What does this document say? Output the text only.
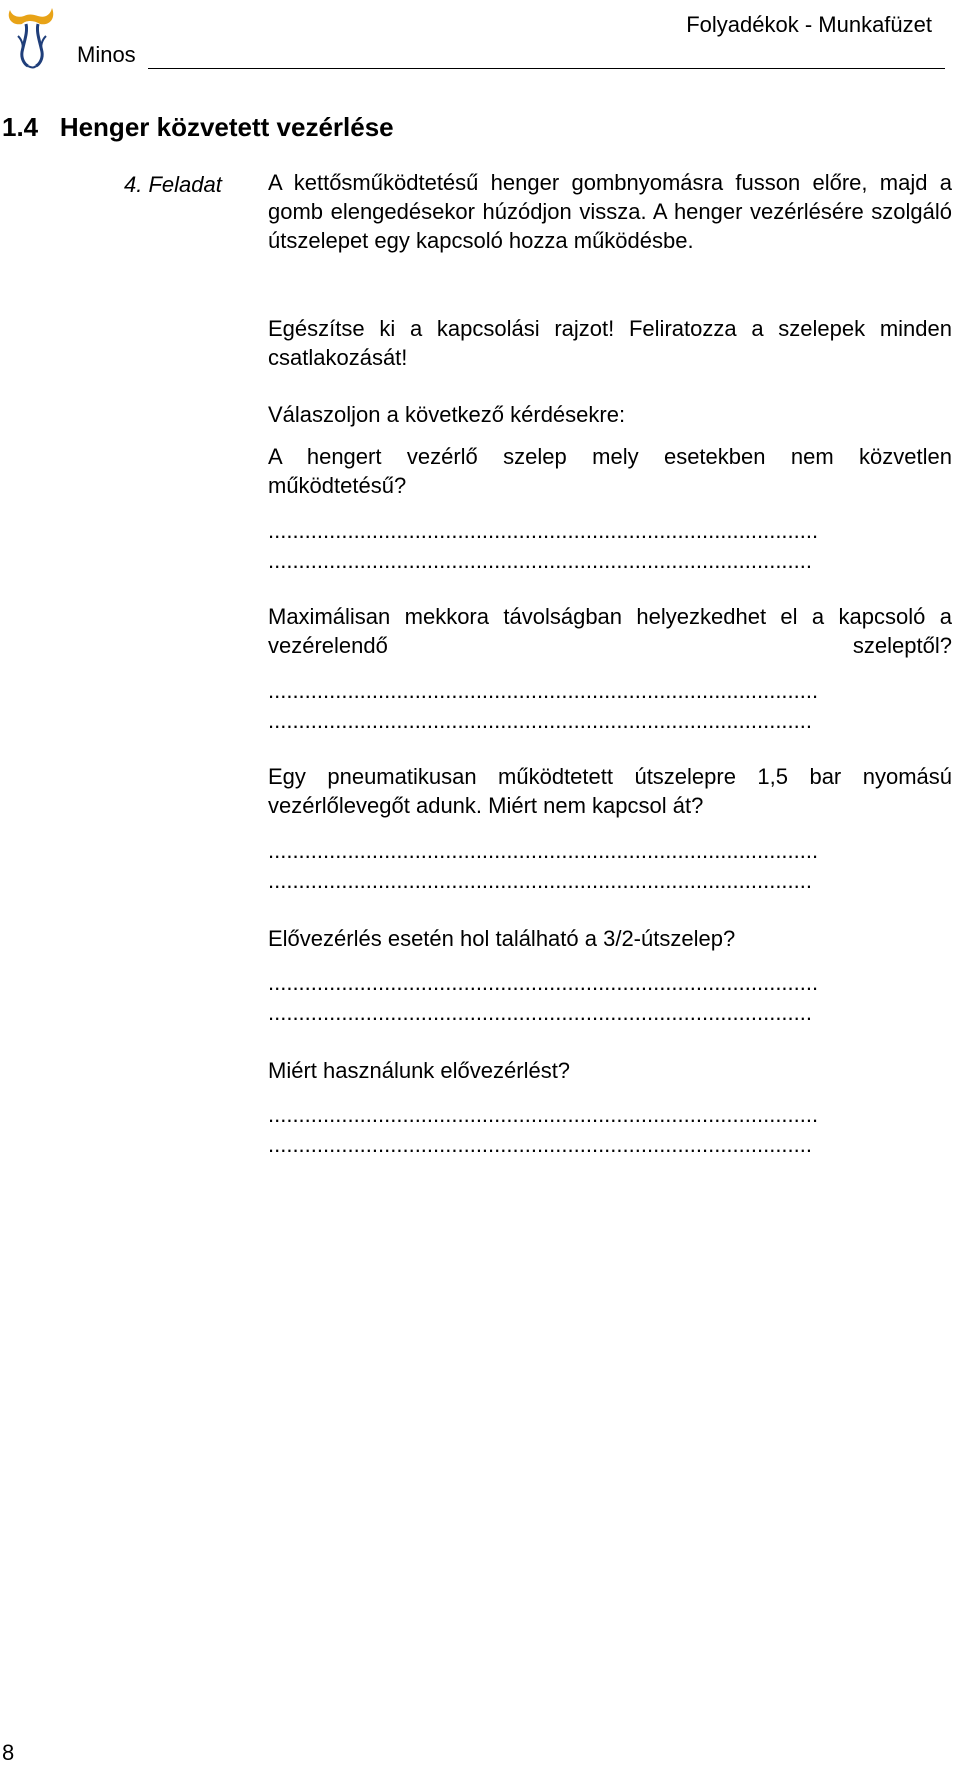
Minos
Folyadékok - Munkafüzet
1.4   Henger közvetett vezérlése
4. Feladat A kettősműködtetésű henger gombnyomásra fusson előre, majd a gomb elengedésekor húzódjon vissza. A henger vezérlésére szolgáló útszelepet egy kapcsoló hozza működésbe.

Egészítse ki a kapcsolási rajzot! Feliratozza a szelepek minden csatlakozását!

Válaszoljon a következő kérdésekre:

A hengert vezérlő szelep mely esetekben nem közvetlen működtetésű?

..........................................................................................

.........................................................................................

Maximálisan mekkora távolságban helyezkedhet el a kapcsoló a vezérelendő szeleptől?

..........................................................................................

.........................................................................................

Egy pneumatikusan működtetett útszelepre 1,5 bar nyomású vezérlőlevegőt adunk. Miért nem kapcsol át?

..........................................................................................

.........................................................................................

Elővezérlés esetén hol található a 3/2-útszelep?

..........................................................................................

.........................................................................................

Miért használunk elővezérlést?

..........................................................................................

.........................................................................................

8
